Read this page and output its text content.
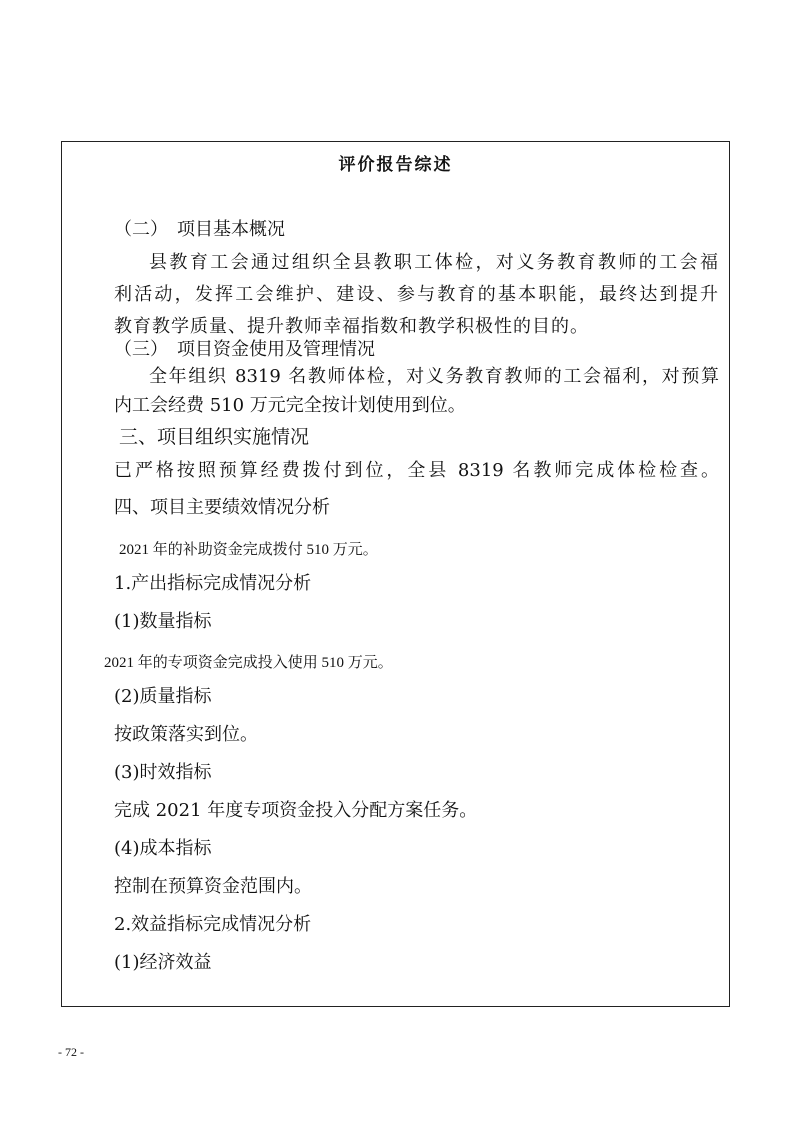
评价报告综述
（二）　项目基本概况
县教育工会通过组织全县教职工体检，对义务教育教师的工会福
利活动，发挥工会维护、建设、参与教育的基本职能，最终达到提升
教育教学质量、提升教师幸福指数和教学积极性的目的。
（三）　项目资金使用及管理情况
全年组织 8319 名教师体检，对义务教育教师的工会福利，对预算
内工会经费 510 万元完全按计划使用到位。
三、项目组织实施情况
已严格按照预算经费拨付到位，全县 8319 名教师完成体检检查。
四、项目主要绩效情况分析
2021 年的补助资金完成拨付 510 万元。
1.产出指标完成情况分析
(1)数量指标
2021 年的专项资金完成投入使用 510 万元。
(2)质量指标
按政策落实到位。
(3)时效指标
完成 2021 年度专项资金投入分配方案任务。
(4)成本指标
控制在预算资金范围内。
2.效益指标完成情况分析
(1)经济效益
- 72 -
